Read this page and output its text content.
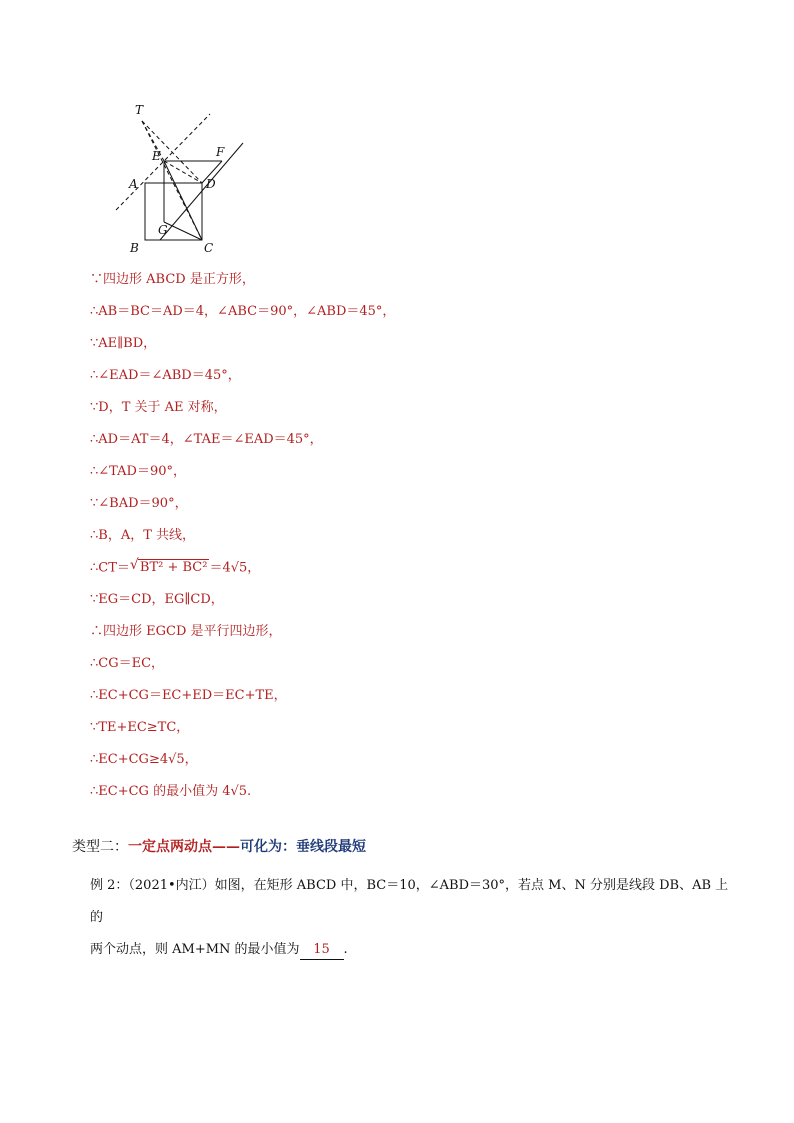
T
E	F
A	D
B
G
C
∵四边形 ABCD 是正方形，
∴AB＝BC＝AD＝4，∠ABC＝90°，∠ABD＝45°，
∵AE∥BD，
∴∠EAD＝∠ABD＝45°，
∵D，T 关于 AE 对称，
∴AD＝AT＝4，∠TAE＝∠EAD＝45°，
∴∠TAD＝90°，
∵∠BAD＝90°，
∴B，A，T 共线，
∴CT＝ √ BT² + BC² ＝4√5，
∵EG＝CD，EG∥CD，
∴四边形 EGCD 是平行四边形，
∴CG＝EC，
∴EC+CG＝EC+ED＝EC+TE，
∵TE+EC≥TC，
∴EC+CG≥4√5，
∴EC+CG 的最小值为 4√5.
类型二：一定点两动点——可化为：垂线段最短
例 2：（2021•内江）如图，在矩形 ABCD 中，BC＝10，∠ABD＝30°，若点 M、N 分别是线段 DB、AB 上的
两个动点，则 AM+MN 的最小值为 15 .
